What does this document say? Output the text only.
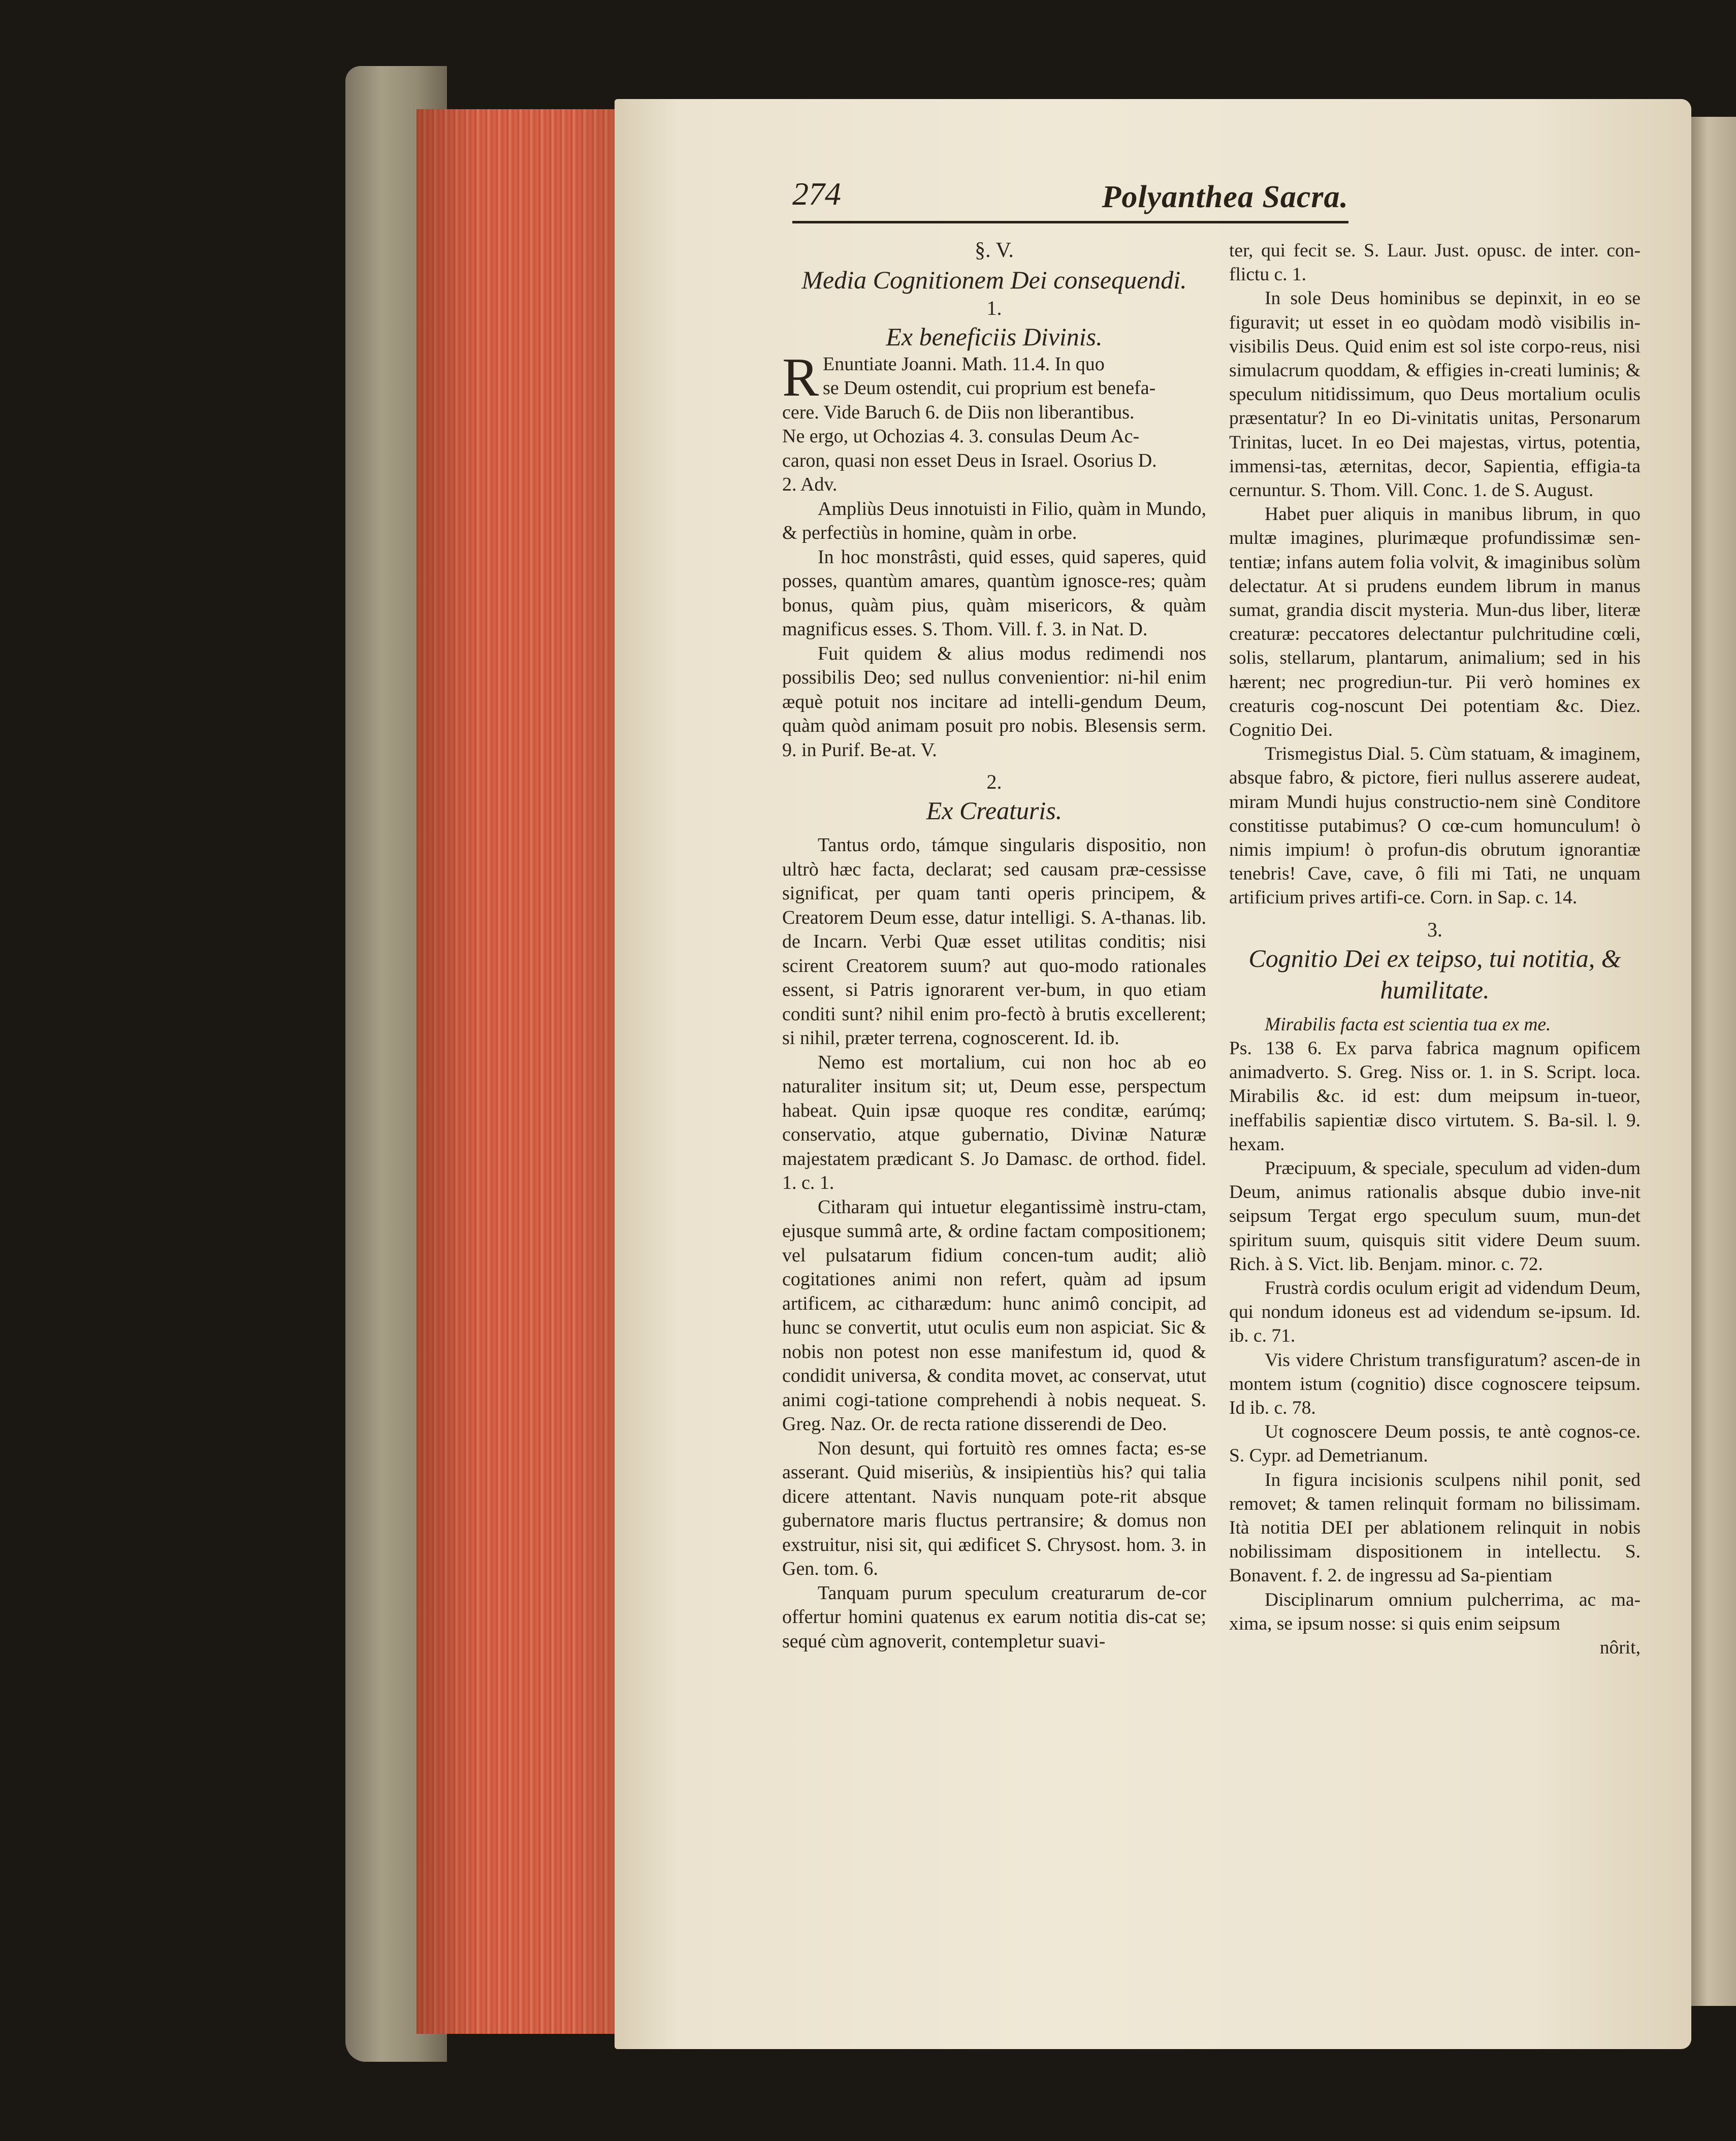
274	Polyanthea Sacra.
§. V.
Media Cognitionem Dei consequendi.
1.
Ex beneficiis Divinis.
R Enuntiate Joanni. Math. 11.4. In quo

se Deum ostendit, cui proprium est benefa-

cere. Vide Baruch 6. de Diis non liberantibus.

Ne ergo, ut Ochozias 4. 3. consulas Deum Ac-

caron, quasi non esset Deus in Israel. Osorius D.

2. Adv.

Ampliùs Deus innotuisti in Filio, quàm in Mundo, & perfectiùs in homine, quàm in orbe.

In hoc monstrâsti, quid esses, quid saperes, quid posses, quantùm amares, quantùm ignosce-res; quàm bonus, quàm pius, quàm misericors, & quàm magnificus esses. S. Thom. Vill. f. 3. in Nat. D.

Fuit quidem & alius modus redimendi nos possibilis Deo; sed nullus convenientior: ni-hil enim æquè potuit nos incitare ad intelli-gendum Deum, quàm quòd animam posuit pro nobis. Blesensis serm. 9. in Purif. Be-at. V.

2.
Ex Creaturis.

Tantus ordo, támque singularis dispositio, non ultrò hæc facta, declarat; sed causam præ-cessisse significat, per quam tanti operis principem, & Creatorem Deum esse, datur intelligi. S. A-thanas. lib. de Incarn. Verbi Quæ esset utilitas conditis; nisi scirent Creatorem suum? aut quo-modo rationales essent, si Patris ignorarent ver-bum, in quo etiam conditi sunt? nihil enim pro-fectò à brutis excellerent; si nihil, præter terrena, cognoscerent. Id. ib.

Nemo est mortalium, cui non hoc ab eo naturaliter insitum sit; ut, Deum esse, perspectum habeat. Quin ipsæ quoque res conditæ, earúmq; conservatio, atque gubernatio, Divinæ Naturæ majestatem prædicant S. Jo Damasc. de orthod. fidel. 1. c. 1.

Citharam qui intuetur elegantissimè instru-ctam, ejusque summâ arte, & ordine factam compositionem; vel pulsatarum fidium concen-tum audit; aliò cogitationes animi non refert, quàm ad ipsum artificem, ac citharædum: hunc animô concipit, ad hunc se convertit, utut oculis eum non aspiciat. Sic & nobis non potest non esse manifestum id, quod & condidit universa, & condita movet, ac conservat, utut animi cogi-tatione comprehendi à nobis nequeat. S. Greg. Naz. Or. de recta ratione disserendi de Deo.

Non desunt, qui fortuitò res omnes facta; es-se asserant. Quid miseriùs, & insipientiùs his? qui talia dicere attentant. Navis nunquam pote-rit absque gubernatore maris fluctus pertransire; & domus non exstruitur, nisi sit, qui ædificet S. Chrysost. hom. 3. in Gen. tom. 6.

Tanquam purum speculum creaturarum de-cor offertur homini quatenus ex earum notitia dis-cat se; sequé cùm agnoverit, contempletur suavi-

ter, qui fecit se. S. Laur. Just. opusc. de inter. con-flictu c. 1.

In sole Deus hominibus se depinxit, in eo se figuravit; ut esset in eo quòdam modò visibilis in-visibilis Deus. Quid enim est sol iste corpo-reus, nisi simulacrum quoddam, & effigies in-creati luminis; & speculum nitidissimum, quo Deus mortalium oculis præsentatur? In eo Di-vinitatis unitas, Personarum Trinitas, lucet. In eo Dei majestas, virtus, potentia, immensi-tas, æternitas, decor, Sapientia, effigia-ta cernuntur. S. Thom. Vill. Conc. 1. de S. August.

Habet puer aliquis in manibus librum, in quo multæ imagines, plurimæque profundissimæ sen-tentiæ; infans autem folia volvit, & imaginibus solùm delectatur. At si prudens eundem librum in manus sumat, grandia discit mysteria. Mun-dus liber, literæ creaturæ: peccatores delectantur pulchritudine cœli, solis, stellarum, plantarum, animalium; sed in his hærent; nec progrediun-tur. Pii verò homines ex creaturis cog-noscunt Dei potentiam &c. Diez. Cognitio Dei.

Trismegistus Dial. 5. Cùm statuam, & imaginem, absque fabro, & pictore, fieri nullus asserere audeat, miram Mundi hujus constructio-nem sinè Conditore constitisse putabimus? O cœ-cum homunculum! ò nimis impium! ò profun-dis obrutum ignorantiæ tenebris! Cave, cave, ô fili mi Tati, ne unquam artificium prives artifi-ce. Corn. in Sap. c. 14.

3.
Cognitio Dei ex teipso, tui notitia, &
humilitate.

Mirabilis facta est scientia tua ex me.

Ps. 138 6. Ex parva fabrica magnum opificem animadverto. S. Greg. Niss or. 1. in S. Script. loca. Mirabilis &c. id est: dum meipsum in-tueor, ineffabilis sapientiæ disco virtutem. S. Ba-sil. l. 9. hexam.

Præcipuum, & speciale, speculum ad viden-dum Deum, animus rationalis absque dubio inve-nit seipsum Tergat ergo speculum suum, mun-det spiritum suum, quisquis sitit videre Deum suum. Rich. à S. Vict. lib. Benjam. minor. c. 72.

Frustrà cordis oculum erigit ad videndum Deum, qui nondum idoneus est ad videndum se-ipsum. Id. ib. c. 71.

Vis videre Christum transfiguratum? ascen-de in montem istum (cognitio) disce cognoscere teipsum. Id ib. c. 78.

Ut cognoscere Deum possis, te antè cognos-ce. S. Cypr. ad Demetrianum.

In figura incisionis sculpens nihil ponit, sed removet; & tamen relinquit formam no bilissimam. Ità notitia DEI per ablationem relinquit in nobis nobilissimam dispositionem in intellectu. S. Bonavent. f. 2. de ingressu ad Sa-pientiam

Disciplinarum omnium pulcherrima, ac ma-xima, se ipsum nosse: si quis enim seipsum

nôrit,
